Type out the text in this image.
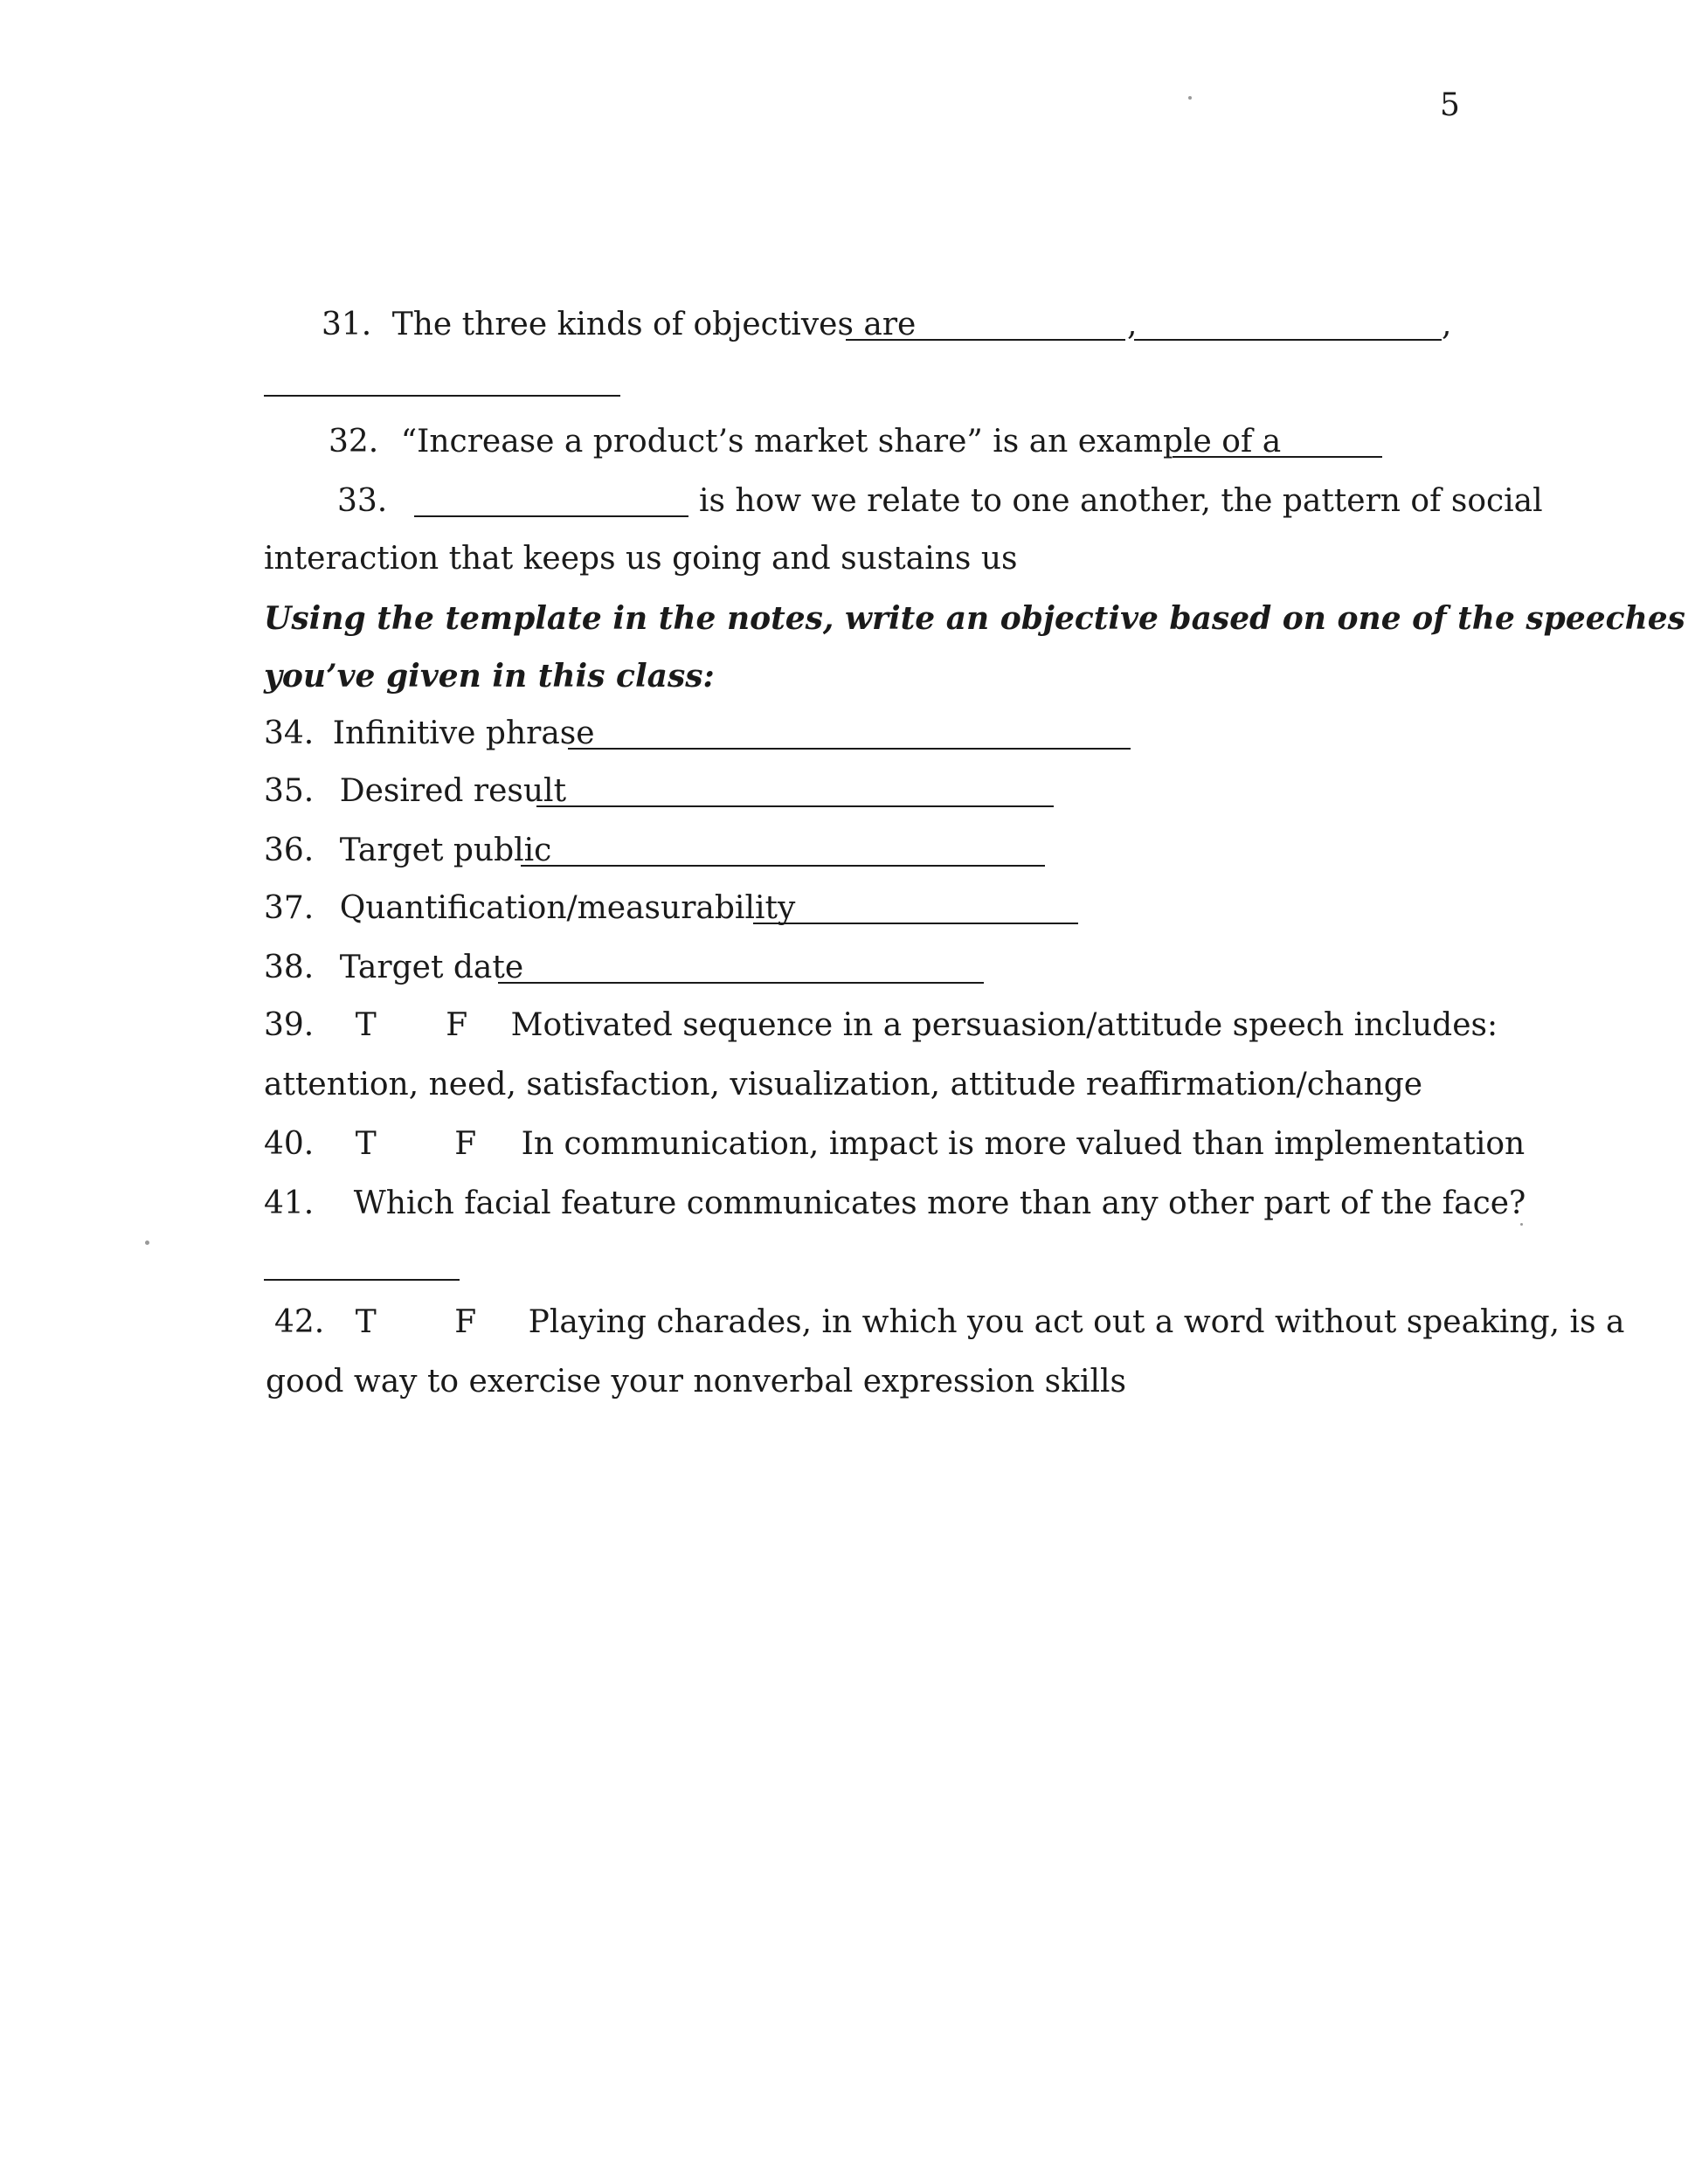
5
31. The three kinds of objectives are	,	,
32. “Increase a product’s market share” is an example of a
33.	is how we relate to one another, the pattern of social
interaction that keeps us going and sustains us
Using the template in the notes, write an objective based on one of the speeches
you’ve given in this class:
34. Infinitive phrase
35. Desired result
36. Target public
37. Quantification/measurability
38. Target date
39. T F Motivated sequence in a persuasion/attitude speech includes:
attention, need, satisfaction, visualization, attitude reaffirmation/change
40. T F In communication, impact is more valued than implementation
41. Which facial feature communicates more than any other part of the face?
42. T F Playing charades, in which you act out a word without speaking, is a
good way to exercise your nonverbal expression skills
